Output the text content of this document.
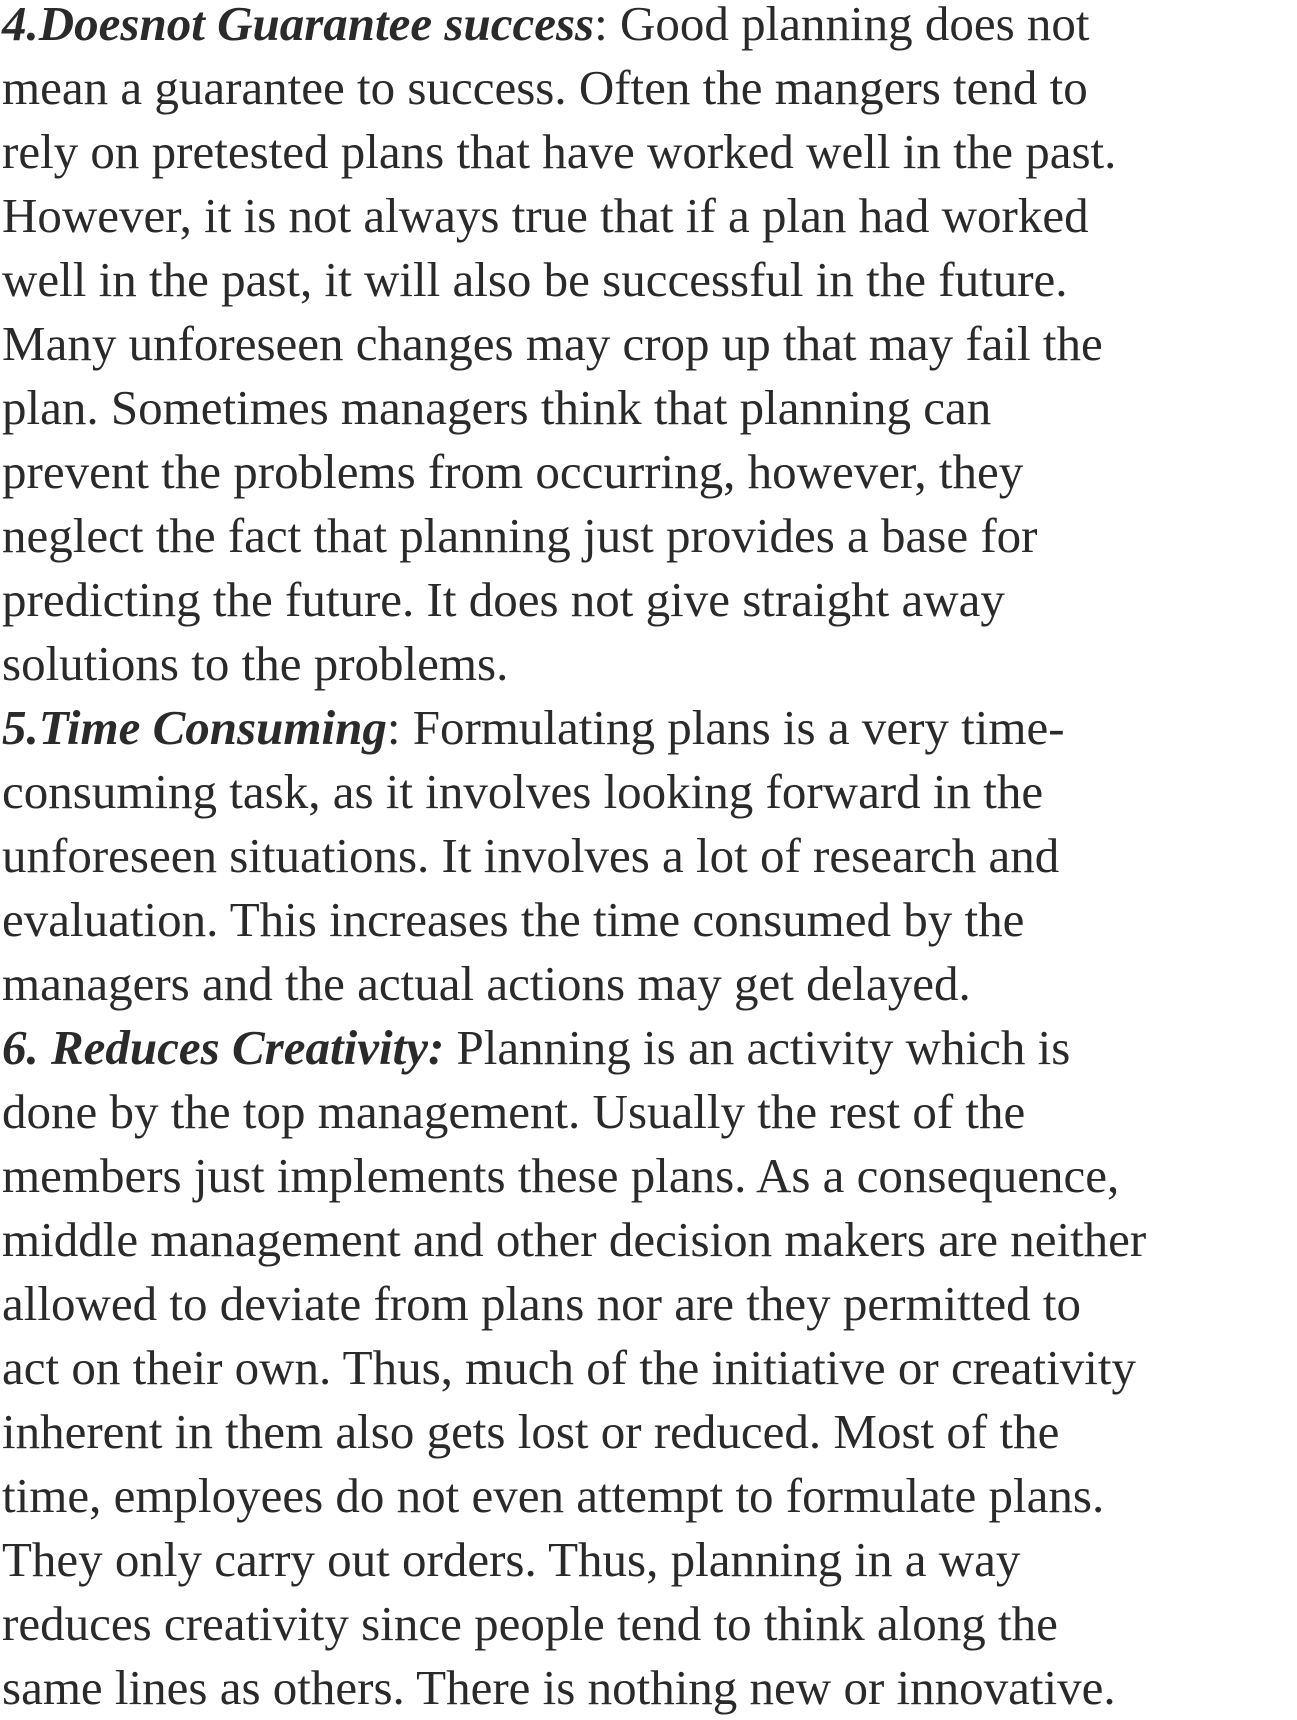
4.Doesnot Guarantee success: Good planning does not
mean a guarantee to success. Often the mangers tend to
rely on pretested plans that have worked well in the past.
However, it is not always true that if a plan had worked
well in the past, it will also be successful in the future.
Many unforeseen changes may crop up that may fail the
plan. Sometimes managers think that planning can
prevent the problems from occurring, however, they
neglect the fact that planning just provides a base for
predicting the future. It does not give straight away
solutions to the problems.
5.Time Consuming: Formulating plans is a very time-
consuming task, as it involves looking forward in the
unforeseen situations. It involves a lot of research and
evaluation. This increases the time consumed by the
managers and the actual actions may get delayed.
6. Reduces Creativity: Planning is an activity which is
done by the top management. Usually the rest of the
members just implements these plans. As a consequence,
middle management and other decision makers are neither
allowed to deviate from plans nor are they permitted to
act on their own. Thus, much of the initiative or creativity
inherent in them also gets lost or reduced. Most of the
time, employees do not even attempt to formulate plans.
They only carry out orders. Thus, planning in a way
reduces creativity since people tend to think along the
same lines as others. There is nothing new or innovative.
